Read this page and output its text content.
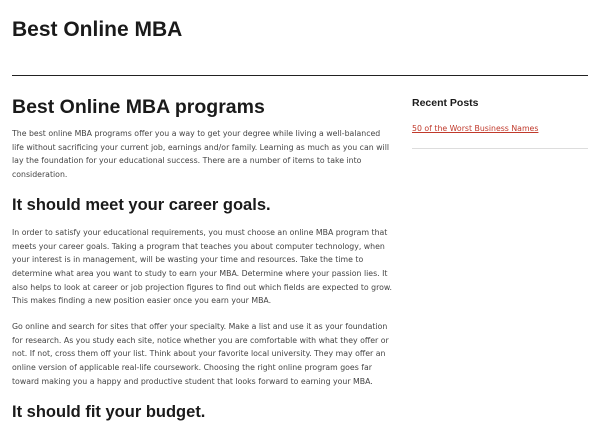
Best Online MBA
Best Online MBA programs

The best online MBA programs offer you a way to get your degree while living a well-balanced life without sacrificing your current job, earnings and/or family. Learning as much as you can will lay the foundation for your educational success. There are a number of items to take into consideration.

It should meet your career goals.

In order to satisfy your educational requirements, you must choose an online MBA program that meets your career goals. Taking a program that teaches you about computer technology, when your interest is in management, will be wasting your time and resources. Take the time to determine what area you want to study to earn your MBA. Determine where your passion lies. It also helps to look at career or job projection figures to find out which fields are expected to grow. This makes finding a new position easier once you earn your MBA.

Go online and search for sites that offer your specialty. Make a list and use it as your foundation for research. As you study each site, notice whether you are comfortable with what they offer or not. If not, cross them off your list. Think about your favorite local university. They may offer an online version of applicable real-life coursework. Choosing the right online program goes far toward making you a happy and productive student that looks forward to earning your MBA.

It should fit your budget.
Recent Posts
50 of the Worst Business Names
